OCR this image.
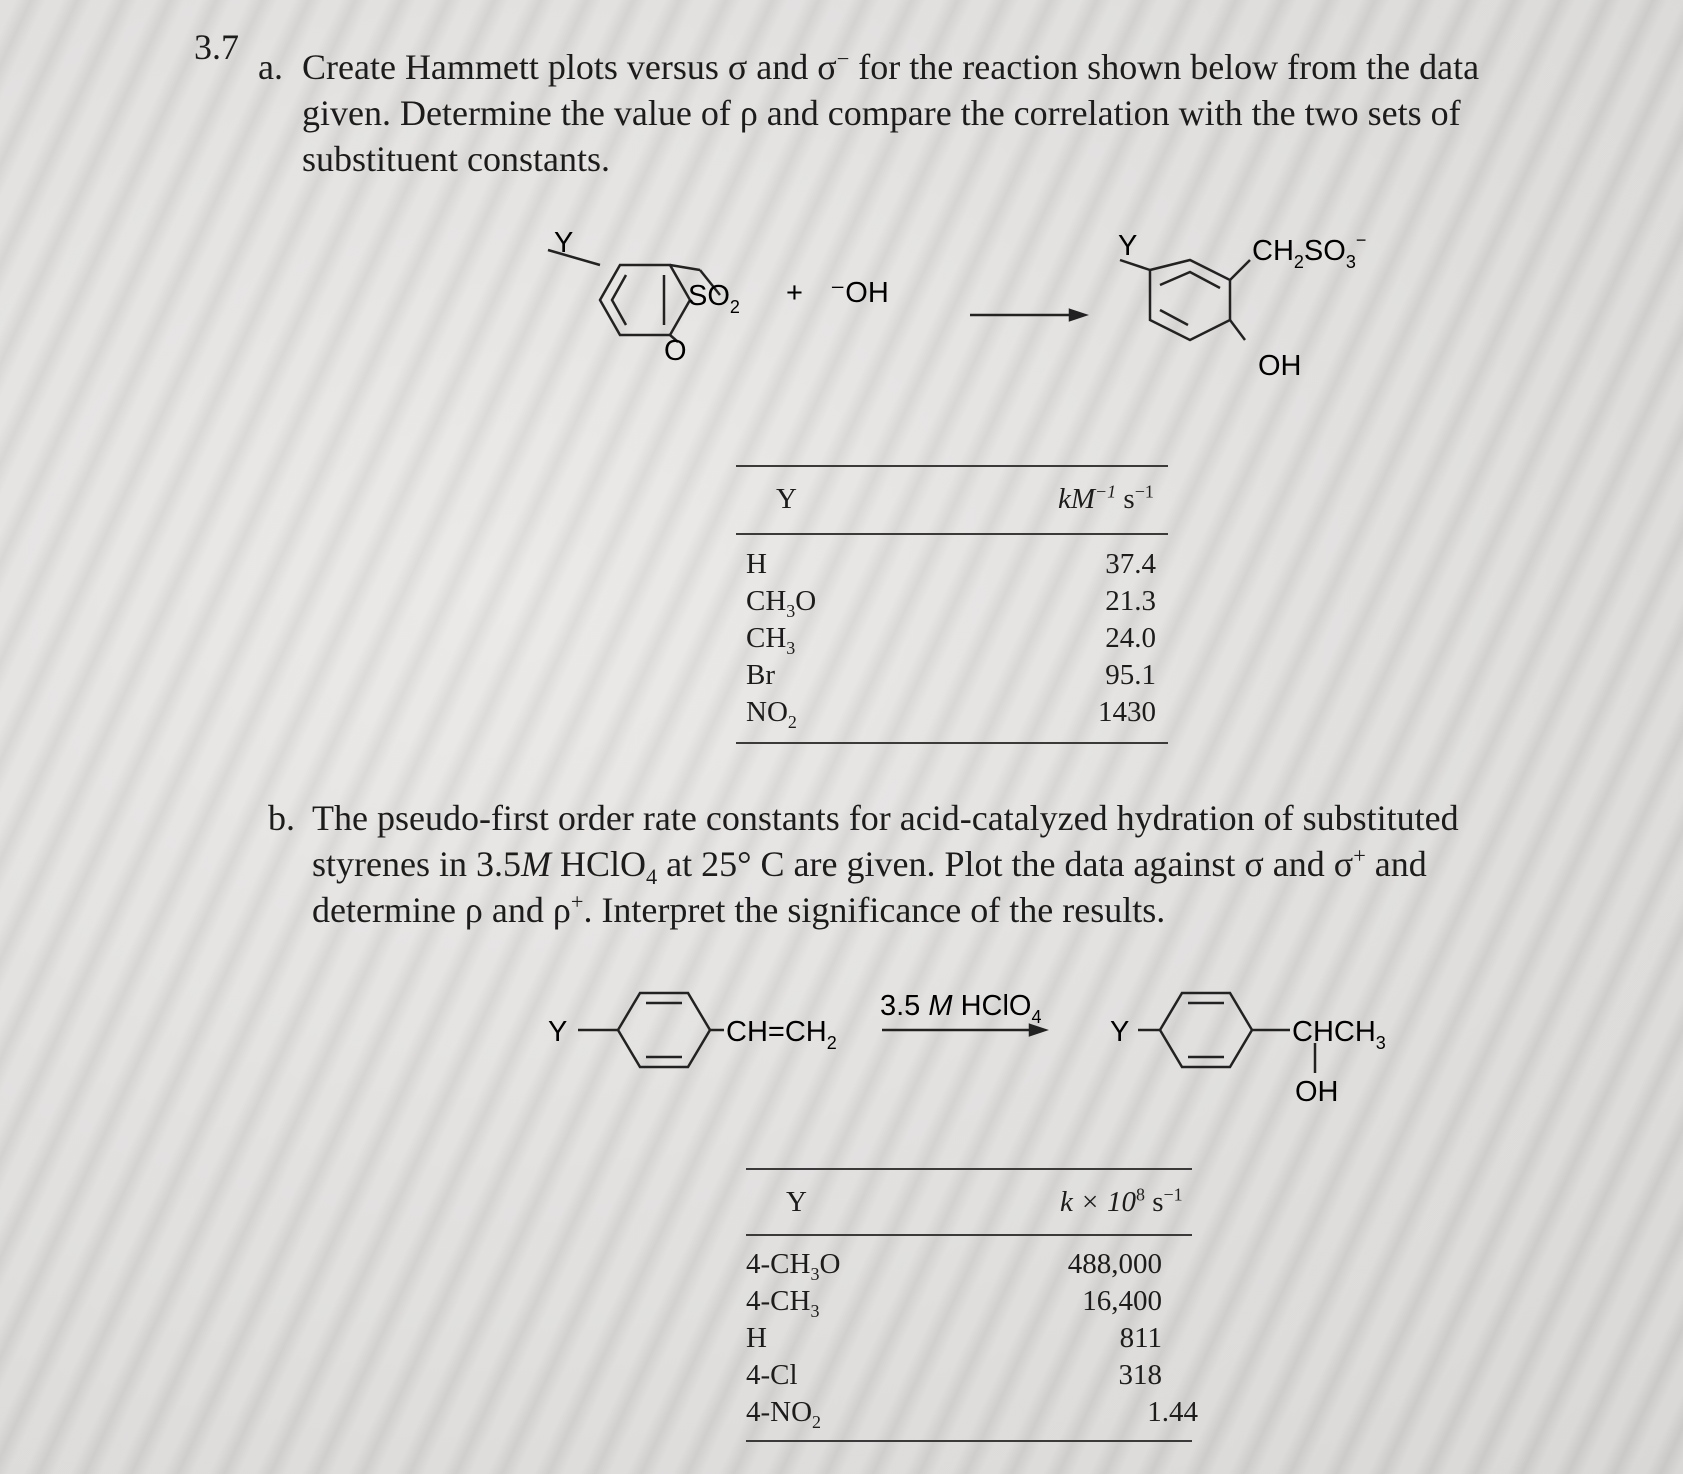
3.7 a. Create Hammett plots versus σ and σ− for the reaction shown below from the data given. Determine the value of ρ and compare the correlation with the two sets of substituent constants.
Y
$SO_2$
O
+ ⁻OH
Y	$CH_2SO_3^-$
OH
Y	$kM^{-1}$ $s^{-1}$
H	37.4
$CH_3O$	21.3
$CH_3$	24.0
Br	95.1
$NO_2$	1430
b. The pseudo-first order rate constants for acid-catalyzed hydration of substituted styrenes in 3.5M HClO$_4$ at 25° C are given. Plot the data against σ and σ+ and determine ρ and ρ+. Interpret the significance of the results.
Y	$CH=CH_2$
3.5 M HClO$_4$ Y	$CHCH_3$
OH
Y	$k \times 10^8$ $s^{-1}$
$4-CH_3O$	488,000
$4-CH_3$	16,400
H	811
4-Cl	318
$4-NO_2$	1.44
